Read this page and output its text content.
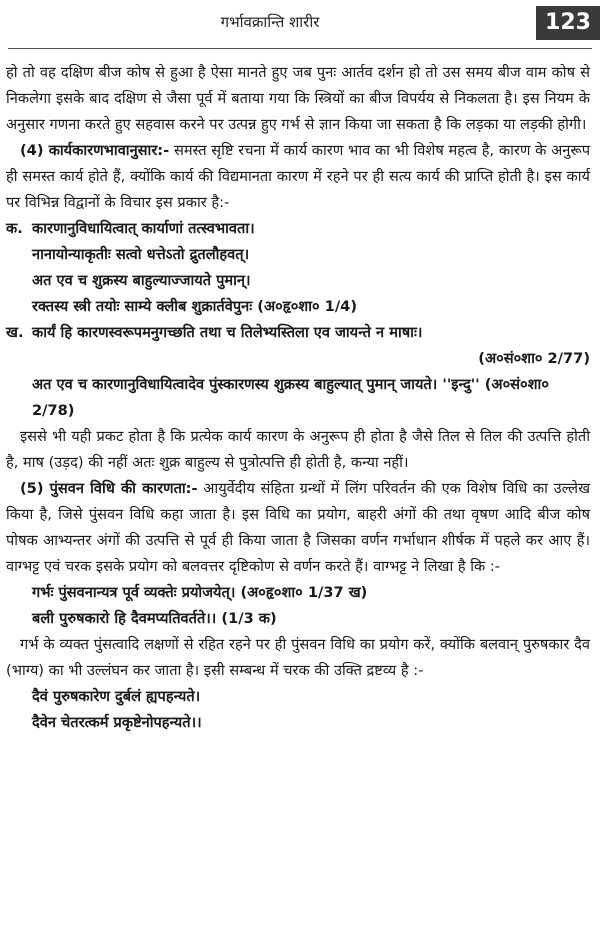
गर्भावक्रान्ति शारीर	123

हो तो वह दक्षिण बीज कोष से हुआ है ऐसा मानते हुए जब पुनः आर्तव दर्शन हो तो उस समय बीज वाम कोष से निकलेगा इसके बाद दक्षिण से जैसा पूर्व में बताया गया कि स्त्रियों का बीज विपर्यय से निकलता है। इस नियम के अनुसार गणना करते हुए सहवास करने पर उत्पन्न हुए गर्भ से ज्ञान किया जा सकता है कि लड़का या लड़की होगी।

(4) कार्यकारणभावानुसार:- समस्त सृष्टि रचना में कार्य कारण भाव का भी विशेष महत्व है, कारण के अनुरूप ही समस्त कार्य होते हैं, क्योंकि कार्य की विद्यमानता कारण में रहने पर ही सत्य कार्य की प्राप्ति होती है। इस कार्य पर विभिन्न विद्वानों के विचार इस प्रकार है:-

क. कारणानुविधायित्वात् कार्याणां तत्स्वभावता।
नानायोन्याकृतीः सत्वो धत्तेऽतो द्रुतलौहवत्।
अत एव च शुक्रस्य बाहुल्याज्जायते पुमान्।
रक्तस्य स्त्री तयोः साम्ये क्लीब शुक्रार्तवेपुनः (अ०हृ०शा० 1/4)
ख. कार्यं हि कारणस्वरूपमनुगच्छति तथा च तिलेभ्यस्तिला एव जायन्ते न माषाः।
(अ०सं०शा० 2/77)
अत एव च कारणानुविधायित्वादेव पुंस्कारणस्य शुक्रस्य बाहुल्यात् पुमान् जायते। ''इन्दु'' (अ०सं०शा० 2/78)

इससे भी यही प्रकट होता है कि प्रत्येक कार्य कारण के अनुरूप ही होता है जैसे तिल से तिल की उत्पत्ति होती है, माष (उड़द) की नहीं अतः शुक्र बाहुल्य से पुत्रोत्पत्ति ही होती है, कन्या नहीं।

(5) पुंसवन विधि की कारणता:- आयुर्वेदीय संहिता ग्रन्थों में लिंग परिवर्तन की एक विशेष विधि का उल्लेख किया है, जिसे पुंसवन विधि कहा जाता है। इस विधि का प्रयोग, बाहरी अंगों की तथा वृषण आदि बीज कोष पोषक आभ्यन्तर अंगों की उत्पत्ति से पूर्व ही किया जाता है जिसका वर्णन गर्भाधान शीर्षक में पहले कर आए हैं। वाग्भट्ट एवं चरक इसके प्रयोग को बलवत्तर दृष्टिकोण से वर्णन करते हैं। वाग्भट्ट ने लिखा है कि :-

गर्भः पुंसवनान्यत्र पूर्व व्यक्तेः प्रयोजयेत्। (अ०हृ०शा० 1/37 ख)
बली पुरुषकारो हि दैवमप्यतिवर्तते।। (1/3 क)

गर्भ के व्यक्त पुंसत्वादि लक्षणों से रहित रहने पर ही पुंसवन विधि का प्रयोग करें, क्योंकि बलवान् पुरुषकार दैव (भाग्य) का भी उल्लंघन कर जाता है। इसी सम्बन्ध में चरक की उक्ति द्रष्टव्य है :-

दैवं पुरुषकारेण दुर्बलं ह्यपहन्यते।
दैवेन चेतरत्कर्म प्रकृष्टेनोपहन्यते।।
